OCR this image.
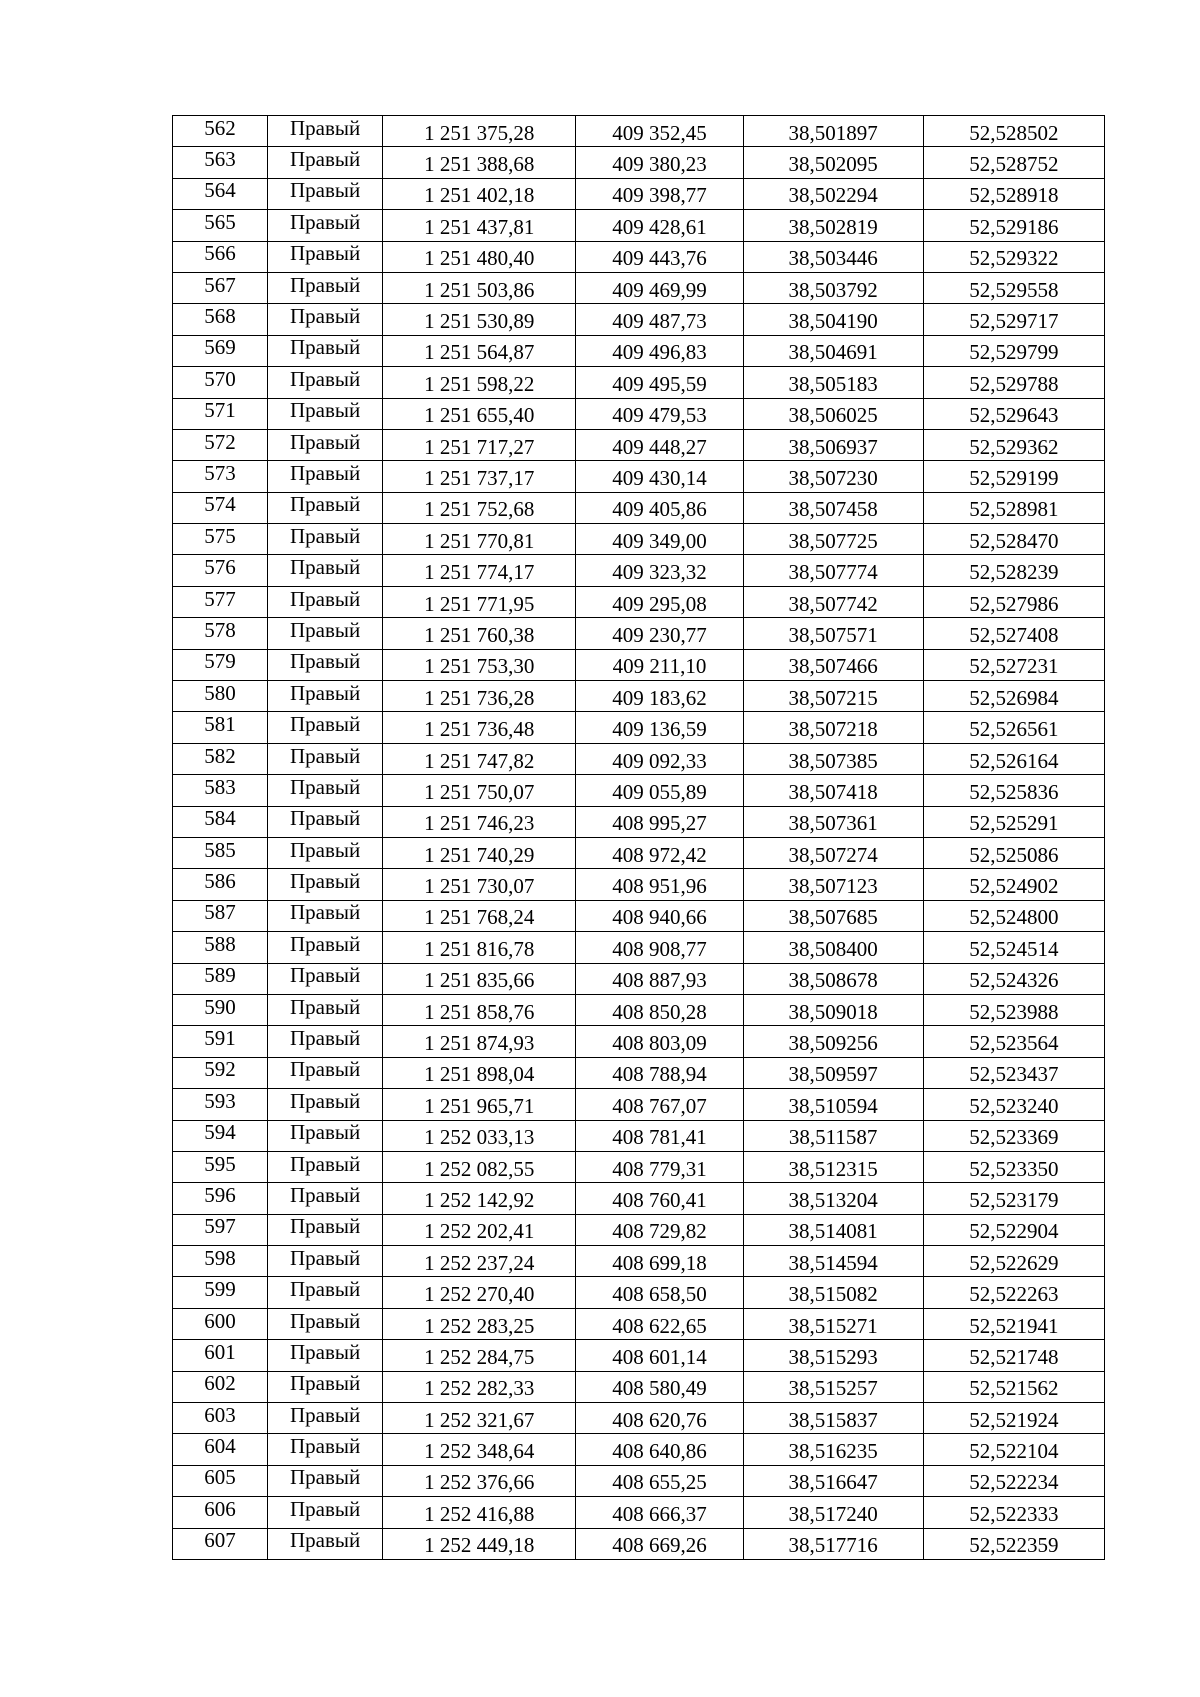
562	Правый	1 251 375,28	409 352,45	38,501897	52,528502
563	Правый	1 251 388,68	409 380,23	38,502095	52,528752
564	Правый	1 251 402,18	409 398,77	38,502294	52,528918
565	Правый	1 251 437,81	409 428,61	38,502819	52,529186
566	Правый	1 251 480,40	409 443,76	38,503446	52,529322
567	Правый	1 251 503,86	409 469,99	38,503792	52,529558
568	Правый	1 251 530,89	409 487,73	38,504190	52,529717
569	Правый	1 251 564,87	409 496,83	38,504691	52,529799
570	Правый	1 251 598,22	409 495,59	38,505183	52,529788
571	Правый	1 251 655,40	409 479,53	38,506025	52,529643
572	Правый	1 251 717,27	409 448,27	38,506937	52,529362
573	Правый	1 251 737,17	409 430,14	38,507230	52,529199
574	Правый	1 251 752,68	409 405,86	38,507458	52,528981
575	Правый	1 251 770,81	409 349,00	38,507725	52,528470
576	Правый	1 251 774,17	409 323,32	38,507774	52,528239
577	Правый	1 251 771,95	409 295,08	38,507742	52,527986
578	Правый	1 251 760,38	409 230,77	38,507571	52,527408
579	Правый	1 251 753,30	409 211,10	38,507466	52,527231
580	Правый	1 251 736,28	409 183,62	38,507215	52,526984
581	Правый	1 251 736,48	409 136,59	38,507218	52,526561
582	Правый	1 251 747,82	409 092,33	38,507385	52,526164
583	Правый	1 251 750,07	409 055,89	38,507418	52,525836
584	Правый	1 251 746,23	408 995,27	38,507361	52,525291
585	Правый	1 251 740,29	408 972,42	38,507274	52,525086
586	Правый	1 251 730,07	408 951,96	38,507123	52,524902
587	Правый	1 251 768,24	408 940,66	38,507685	52,524800
588	Правый	1 251 816,78	408 908,77	38,508400	52,524514
589	Правый	1 251 835,66	408 887,93	38,508678	52,524326
590	Правый	1 251 858,76	408 850,28	38,509018	52,523988
591	Правый	1 251 874,93	408 803,09	38,509256	52,523564
592	Правый	1 251 898,04	408 788,94	38,509597	52,523437
593	Правый	1 251 965,71	408 767,07	38,510594	52,523240
594	Правый	1 252 033,13	408 781,41	38,511587	52,523369
595	Правый	1 252 082,55	408 779,31	38,512315	52,523350
596	Правый	1 252 142,92	408 760,41	38,513204	52,523179
597	Правый	1 252 202,41	408 729,82	38,514081	52,522904
598	Правый	1 252 237,24	408 699,18	38,514594	52,522629
599	Правый	1 252 270,40	408 658,50	38,515082	52,522263
600	Правый	1 252 283,25	408 622,65	38,515271	52,521941
601	Правый	1 252 284,75	408 601,14	38,515293	52,521748
602	Правый	1 252 282,33	408 580,49	38,515257	52,521562
603	Правый	1 252 321,67	408 620,76	38,515837	52,521924
604	Правый	1 252 348,64	408 640,86	38,516235	52,522104
605	Правый	1 252 376,66	408 655,25	38,516647	52,522234
606	Правый	1 252 416,88	408 666,37	38,517240	52,522333
607	Правый	1 252 449,18	408 669,26	38,517716	52,522359
